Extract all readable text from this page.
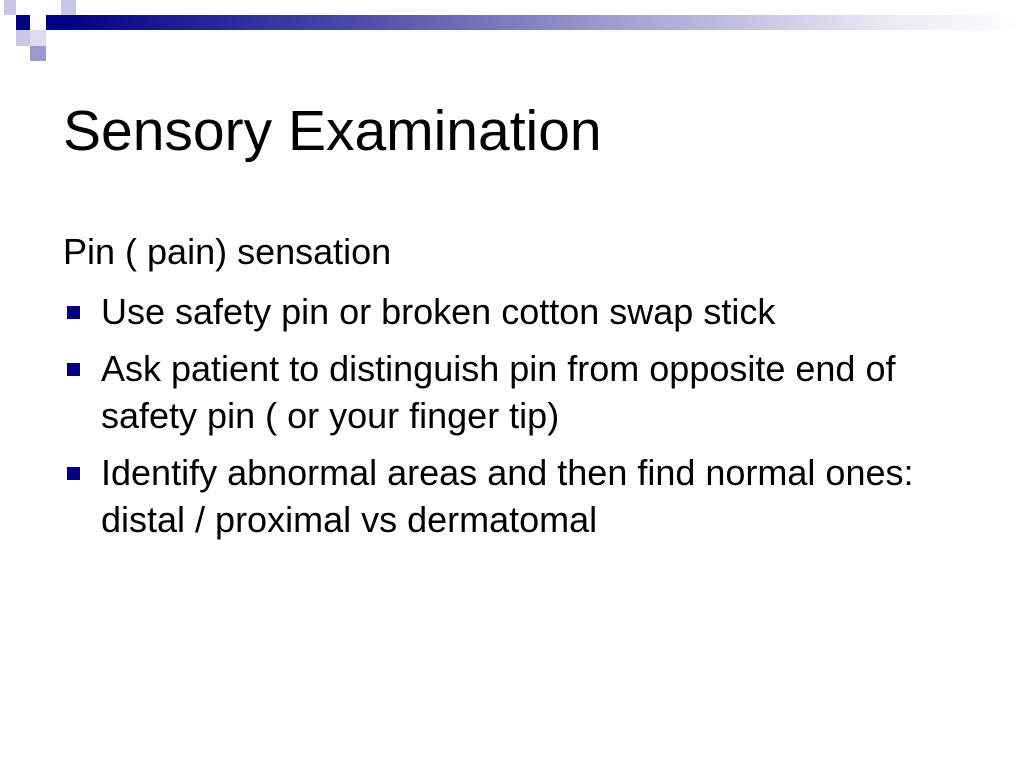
Sensory Examination
Pin ( pain) sensation
Use safety pin or broken cotton swap stick
Ask patient to distinguish pin from opposite end of safety pin ( or your finger tip)
Identify abnormal areas and then find normal ones: distal / proximal vs dermatomal
